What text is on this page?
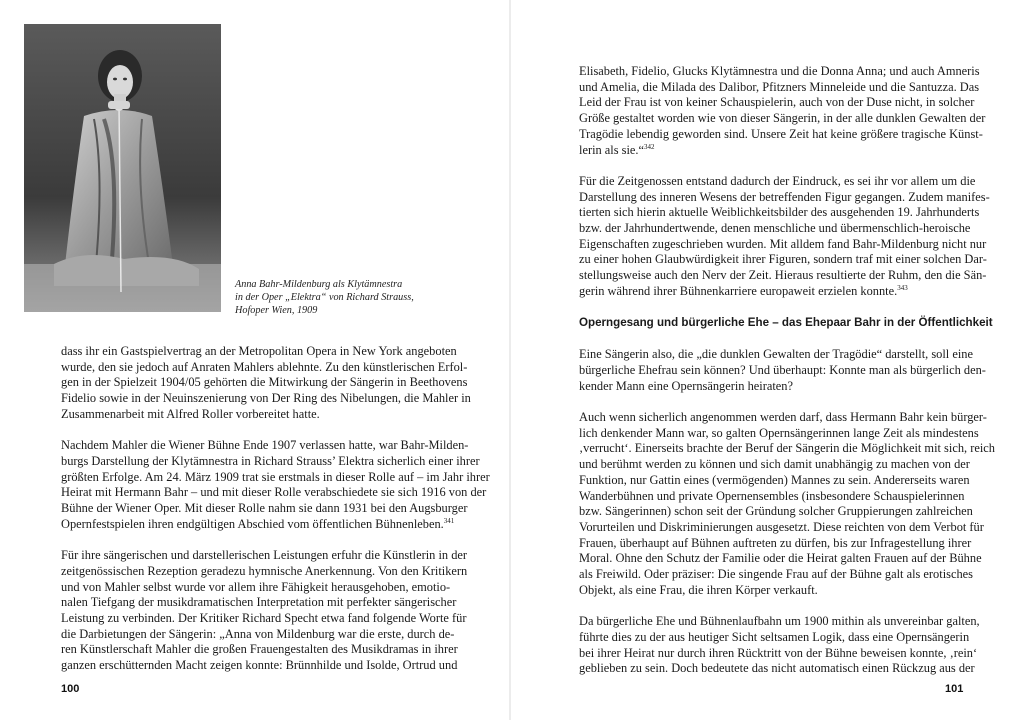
Anna Bahr-Mildenburg als Klytämnestra
in der Oper „Elektra“ von Richard Strauss,
Hofoper Wien, 1909
dass ihr ein Gastspielvertrag an der Metropolitan Opera in New York angeboten
wurde, den sie jedoch auf Anraten Mahlers ablehnte. Zu den künstlerischen Erfol-
gen in der Spielzeit 1904/05 gehörten die Mitwirkung der Sängerin in Beethovens
Fidelio sowie in der Neuinszenierung von Der Ring des Nibelungen, die Mahler in
Zusammenarbeit mit Alfred Roller vorbereitet hatte.
Nachdem Mahler die Wiener Bühne Ende 1907 verlassen hatte, war Bahr-Milden-
burgs Darstellung der Klytämnestra in Richard Strauss’ Elektra sicherlich einer ihrer
größten Erfolge. Am 24. März 1909 trat sie erstmals in dieser Rolle auf – im Jahr ihrer
Heirat mit Hermann Bahr – und mit dieser Rolle verabschiedete sie sich 1916 von der
Bühne der Wiener Oper. Mit dieser Rolle nahm sie dann 1931 bei den Augsburger
Opernfestspielen ihren endgültigen Abschied vom öffentlichen Bühnenleben.$^{341}$
Für ihre sängerischen und darstellerischen Leistungen erfuhr die Künstlerin in der
zeitgenössischen Rezeption geradezu hymnische Anerkennung. Von den Kritikern
und von Mahler selbst wurde vor allem ihre Fähigkeit herausgehoben, emotio-
nalen Tiefgang der musikdramatischen Interpretation mit perfekter sängerischer
Leistung zu verbinden. Der Kritiker Richard Specht etwa fand folgende Worte für
die Darbietungen der Sängerin: „Anna von Mildenburg war die erste, durch de-
ren Künstlerschaft Mahler die großen Frauengestalten des Musikdramas in ihrer
ganzen erschütternden Macht zeigen konnte: Brünnhilde und Isolde, Ortrud und
100
Elisabeth, Fidelio, Glucks Klytämnestra und die Donna Anna; und auch Amneris
und Amelia, die Milada des Dalibor, Pfitzners Minneleide und die Santuzza. Das
Leid der Frau ist von keiner Schauspielerin, auch von der Duse nicht, in solcher
Größe gestaltet worden wie von dieser Sängerin, in der alle dunklen Gewalten der
Tragödie lebendig geworden sind. Unsere Zeit hat keine größere tragische Künst-
lerin als sie.“$^{342}$
Für die Zeitgenossen entstand dadurch der Eindruck, es sei ihr vor allem um die
Darstellung des inneren Wesens der betreffenden Figur gegangen. Zudem manifes-
tierten sich hierin aktuelle Weiblichkeitsbilder des ausgehenden 19. Jahrhunderts
bzw. der Jahrhundertwende, denen menschliche und übermenschlich-heroische
Eigenschaften zugeschrieben wurden. Mit alldem fand Bahr-Mildenburg nicht nur
zu einer hohen Glaubwürdigkeit ihrer Figuren, sondern traf mit einer solchen Dar-
stellungsweise auch den Nerv der Zeit. Hieraus resultierte der Ruhm, den die Sän-
gerin während ihrer Bühnenkarriere europaweit erzielen konnte.$^{343}$
Operngesang und bürgerliche Ehe – das Ehepaar Bahr in der Öffentlichkeit
Eine Sängerin also, die „die dunklen Gewalten der Tragödie“ darstellt, soll eine
bürgerliche Ehefrau sein können? Und überhaupt: Konnte man als bürgerlich den-
kender Mann eine Opernsängerin heiraten?
Auch wenn sicherlich angenommen werden darf, dass Hermann Bahr kein bürger-
lich denkender Mann war, so galten Opernsängerinnen lange Zeit als mindestens
‚verrucht‘. Einerseits brachte der Beruf der Sängerin die Möglichkeit mit sich, reich
und berühmt werden zu können und sich damit unabhängig zu machen von der
Funktion, nur Gattin eines (vermögenden) Mannes zu sein. Andererseits waren
Wanderbühnen und private Opernensembles (insbesondere Schauspielerinnen
bzw. Sängerinnen) schon seit der Gründung solcher Gruppierungen zahlreichen
Vorurteilen und Diskriminierungen ausgesetzt. Diese reichten von dem Verbot für
Frauen, überhaupt auf Bühnen auftreten zu dürfen, bis zur Infragestellung ihrer
Moral. Ohne den Schutz der Familie oder die Heirat galten Frauen auf der Bühne
als Freiwild. Oder präziser: Die singende Frau auf der Bühne galt als erotisches
Objekt, als eine Frau, die ihren Körper verkauft.
Da bürgerliche Ehe und Bühnenlaufbahn um 1900 mithin als unvereinbar galten,
führte dies zu der aus heutiger Sicht seltsamen Logik, dass eine Opernsängerin
bei ihrer Heirat nur durch ihren Rücktritt von der Bühne beweisen konnte, ‚rein‘
geblieben zu sein. Doch bedeutete das nicht automatisch einen Rückzug aus der
101
